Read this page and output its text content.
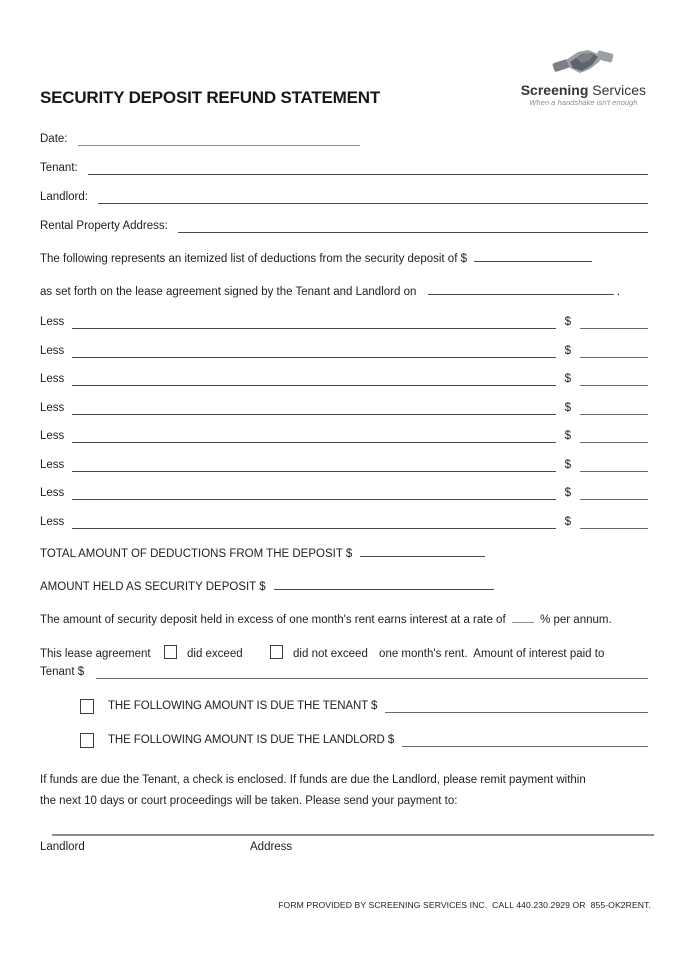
SECURITY DEPOSIT REFUND STATEMENT	Screening Services
When a handshake isn't enough
Date:
Tenant:
Landlord:
Rental Property Address:

The following represents an itemized list of deductions from the security deposit of $

as set forth on the lease agreement signed by the Tenant and Landlord on	.

Less	$
Less	$
Less	$
Less	$
Less	$
Less	$
Less	$
Less	$
TOTAL AMOUNT OF DEDUCTIONS FROM THE DEPOSIT $
AMOUNT HELD AS SECURITY DEPOSIT $
The amount of security deposit held in excess of one month's rent earns interest at a rate of	% per annum.
This lease agreement	did exceed	did not exceed one month's rent.  Amount of interest paid to
Tenant $
THE FOLLOWING AMOUNT IS DUE THE TENANT $
THE FOLLOWING AMOUNT IS DUE THE LANDLORD $
If funds are due the Tenant, a check is enclosed. If funds are due the Landlord, please remit payment within
the next 10 days or court proceedings will be taken. Please send your payment to:
Landlord	Address
FORM PROVIDED BY SCREENING SERVICES INC.  CALL 440.230.2929 OR  855-OK2RENT.
